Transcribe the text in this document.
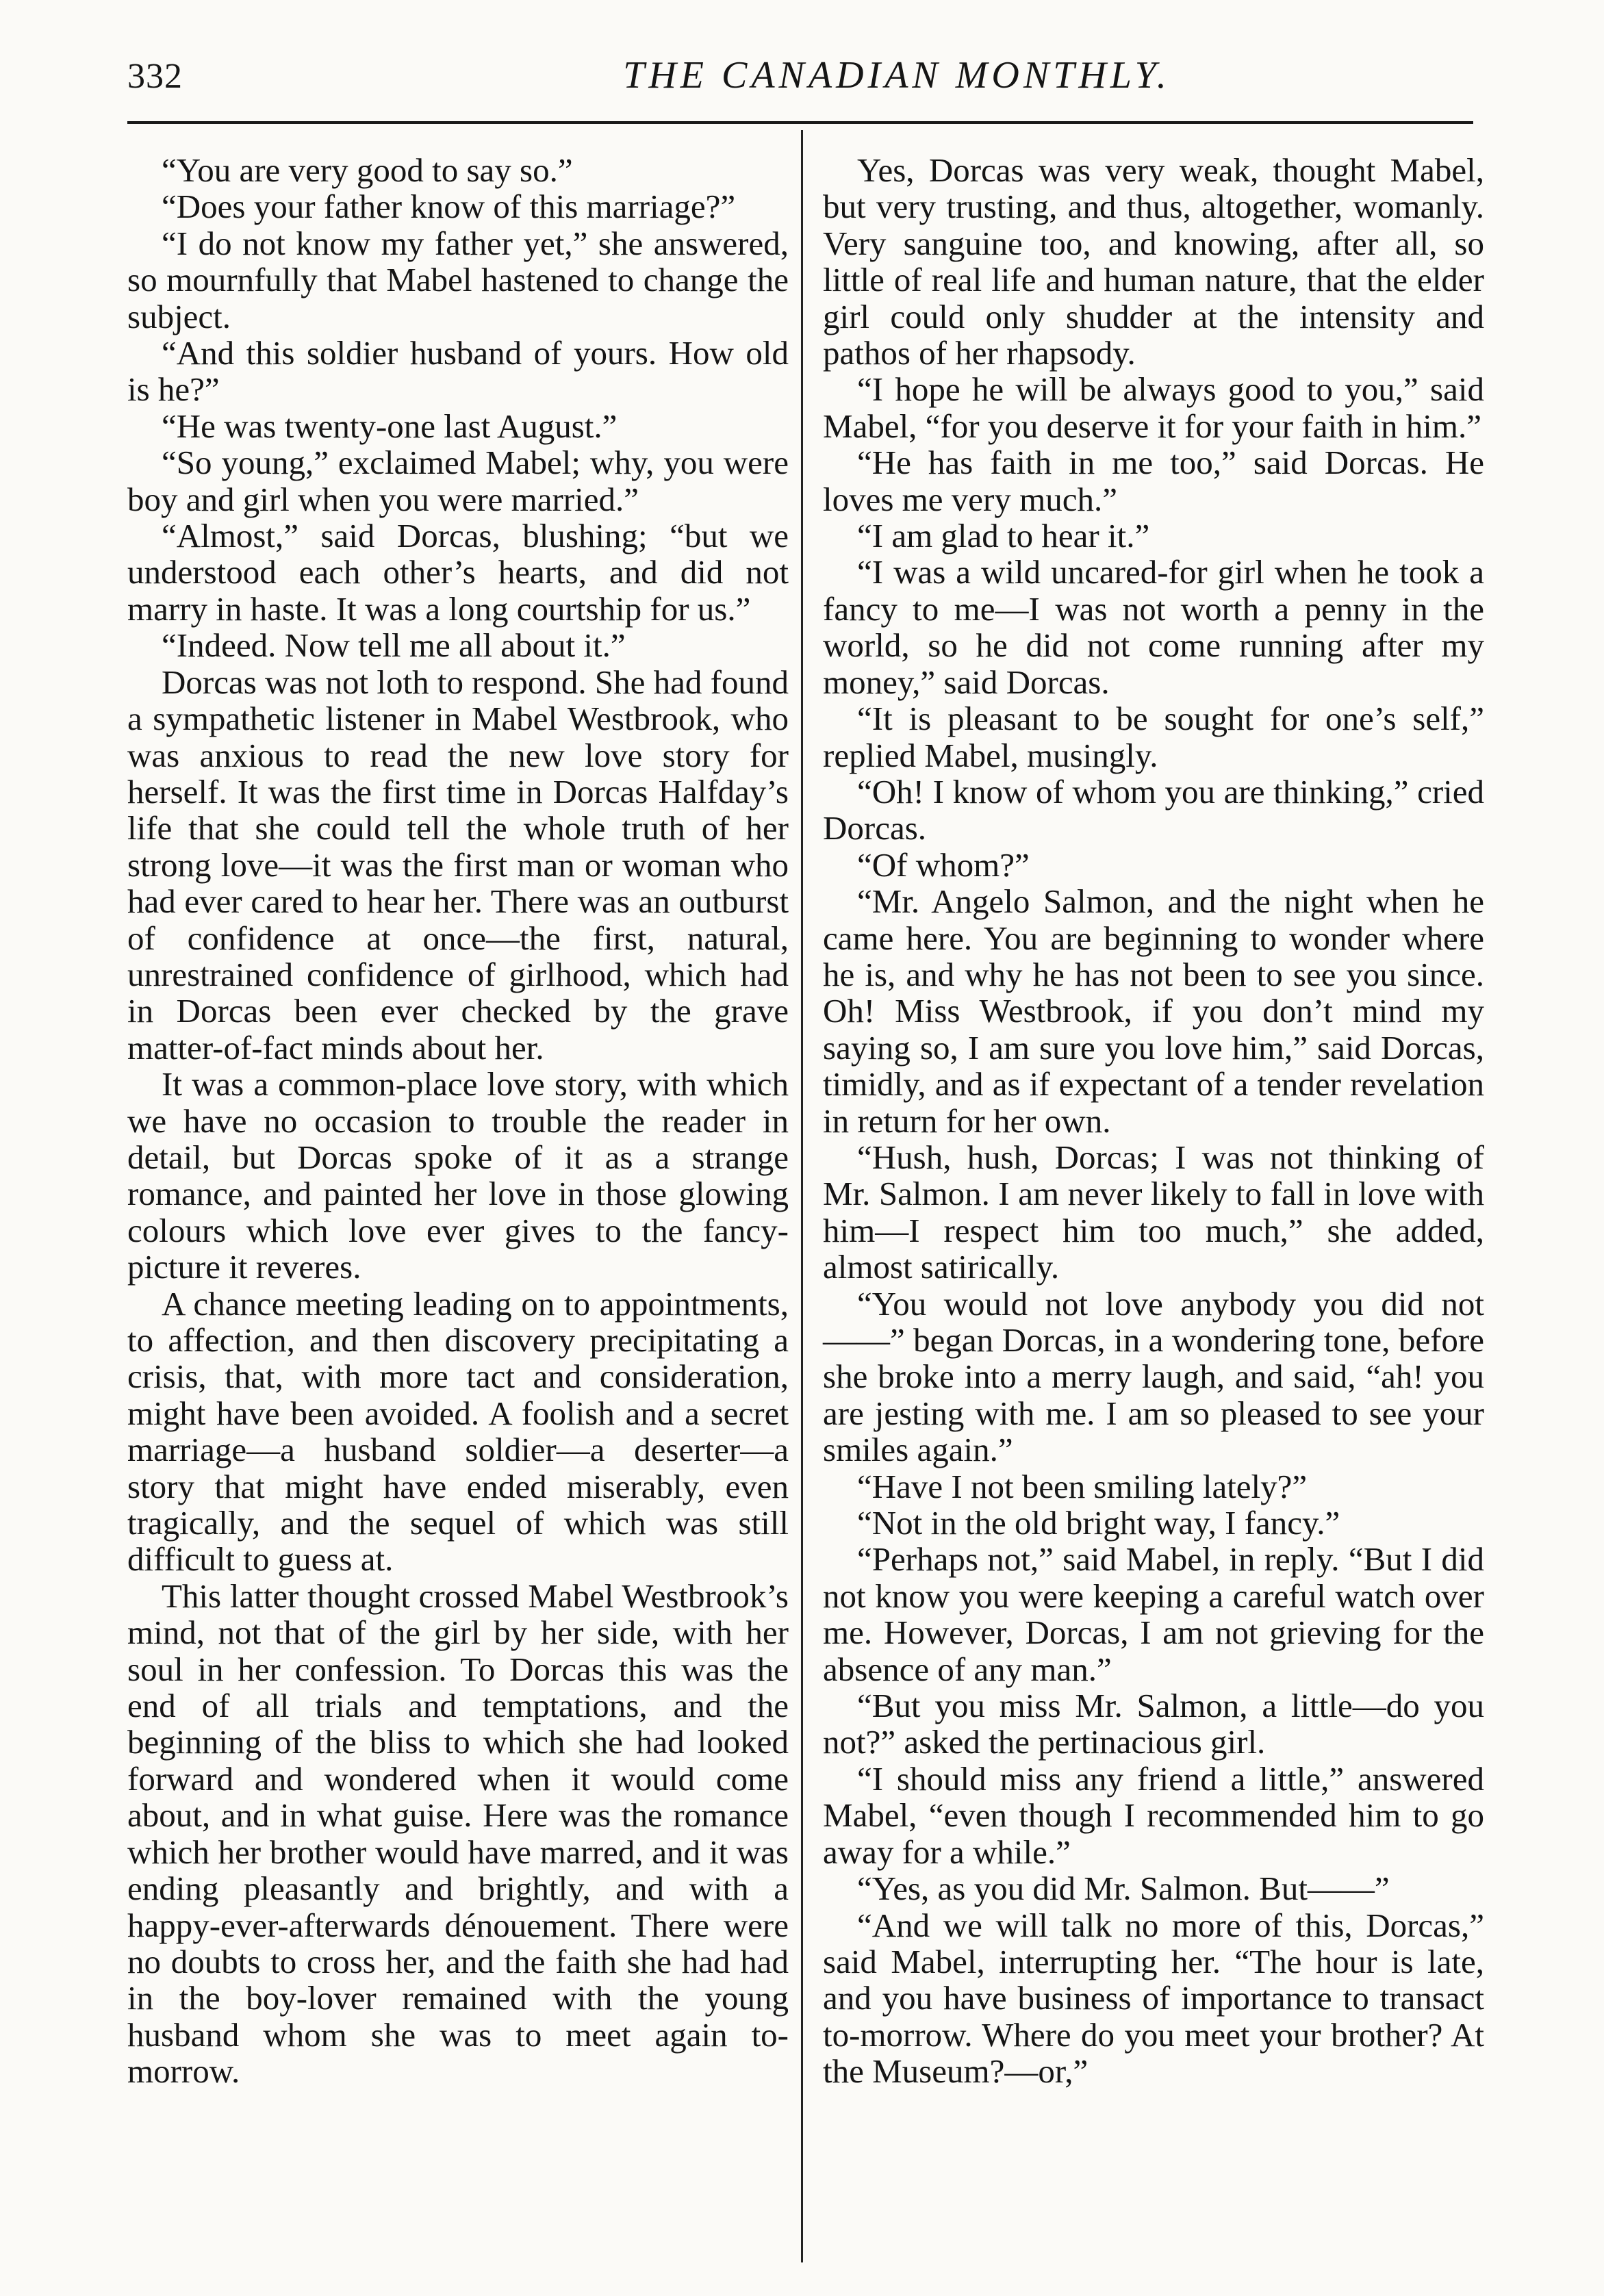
332	THE CANADIAN MONTHLY.

“You are very good to say so.”

“Does your father know of this marriage?”

“I do not know my father yet,” she answered, so mournfully that Mabel hastened to change the subject.

“And this soldier husband of yours. How old is he?”

“He was twenty-one last August.”

“So young,” exclaimed Mabel; why, you were boy and girl when you were married.”

“Almost,” said Dorcas, blushing; “but we understood each other’s hearts, and did not marry in haste. It was a long courtship for us.”

“Indeed. Now tell me all about it.”

Dorcas was not loth to respond. She had found a sympathetic listener in Mabel Westbrook, who was anxious to read the new love story for herself. It was the first time in Dorcas Halfday’s life that she could tell the whole truth of her strong love—it was the first man or woman who had ever cared to hear her. There was an outburst of confidence at once—the first, natural, unrestrained confidence of girlhood, which had in Dorcas been ever checked by the grave matter-of-fact minds about her.

It was a common-place love story, with which we have no occasion to trouble the reader in detail, but Dorcas spoke of it as a strange romance, and painted her love in those glowing colours which love ever gives to the fancy-picture it reveres.

A chance meeting leading on to appointments, to affection, and then discovery precipitating a crisis, that, with more tact and consideration, might have been avoided. A foolish and a secret marriage—a husband soldier—a deserter—a story that might have ended miserably, even tragically, and the sequel of which was still difficult to guess at.

This latter thought crossed Mabel Westbrook’s mind, not that of the girl by her side, with her soul in her confession. To Dorcas this was the end of all trials and temptations, and the beginning of the bliss to which she had looked forward and wondered when it would come about, and in what guise. Here was the romance which her brother would have marred, and it was ending pleasantly and brightly, and with a happy-ever-afterwards dénouement. There were no doubts to cross her, and the faith she had had in the boy-lover remained with the young husband whom she was to meet again to-morrow.

Yes, Dorcas was very weak, thought Mabel, but very trusting, and thus, altogether, womanly. Very sanguine too, and knowing, after all, so little of real life and human nature, that the elder girl could only shudder at the intensity and pathos of her rhapsody.

“I hope he will be always good to you,” said Mabel, “for you deserve it for your faith in him.”

“He has faith in me too,” said Dorcas. He loves me very much.”

“I am glad to hear it.”

“I was a wild uncared-for girl when he took a fancy to me—I was not worth a penny in the world, so he did not come running after my money,” said Dorcas.

“It is pleasant to be sought for one’s self,” replied Mabel, musingly.

“Oh! I know of whom you are thinking,” cried Dorcas.

“Of whom?”

“Mr. Angelo Salmon, and the night when he came here. You are beginning to wonder where he is, and why he has not been to see you since. Oh! Miss Westbrook, if you don’t mind my saying so, I am sure you love him,” said Dorcas, timidly, and as if expectant of a tender revelation in return for her own.

“Hush, hush, Dorcas; I was not thinking of Mr. Salmon. I am never likely to fall in love with him—I respect him too much,” she added, almost satirically.

“You would not love anybody you did not——” began Dorcas, in a wondering tone, before she broke into a merry laugh, and said, “ah! you are jesting with me. I am so pleased to see your smiles again.”

“Have I not been smiling lately?”

“Not in the old bright way, I fancy.”

“Perhaps not,” said Mabel, in reply. “But I did not know you were keeping a careful watch over me. However, Dorcas, I am not grieving for the absence of any man.”

“But you miss Mr. Salmon, a little—do you not?” asked the pertinacious girl.

“I should miss any friend a little,” answered Mabel, “even though I recommended him to go away for a while.”

“Yes, as you did Mr. Salmon. But——”

“And we will talk no more of this, Dorcas,” said Mabel, interrupting her. “The hour is late, and you have business of importance to transact to-morrow. Where do you meet your brother? At the Museum?—or,”
